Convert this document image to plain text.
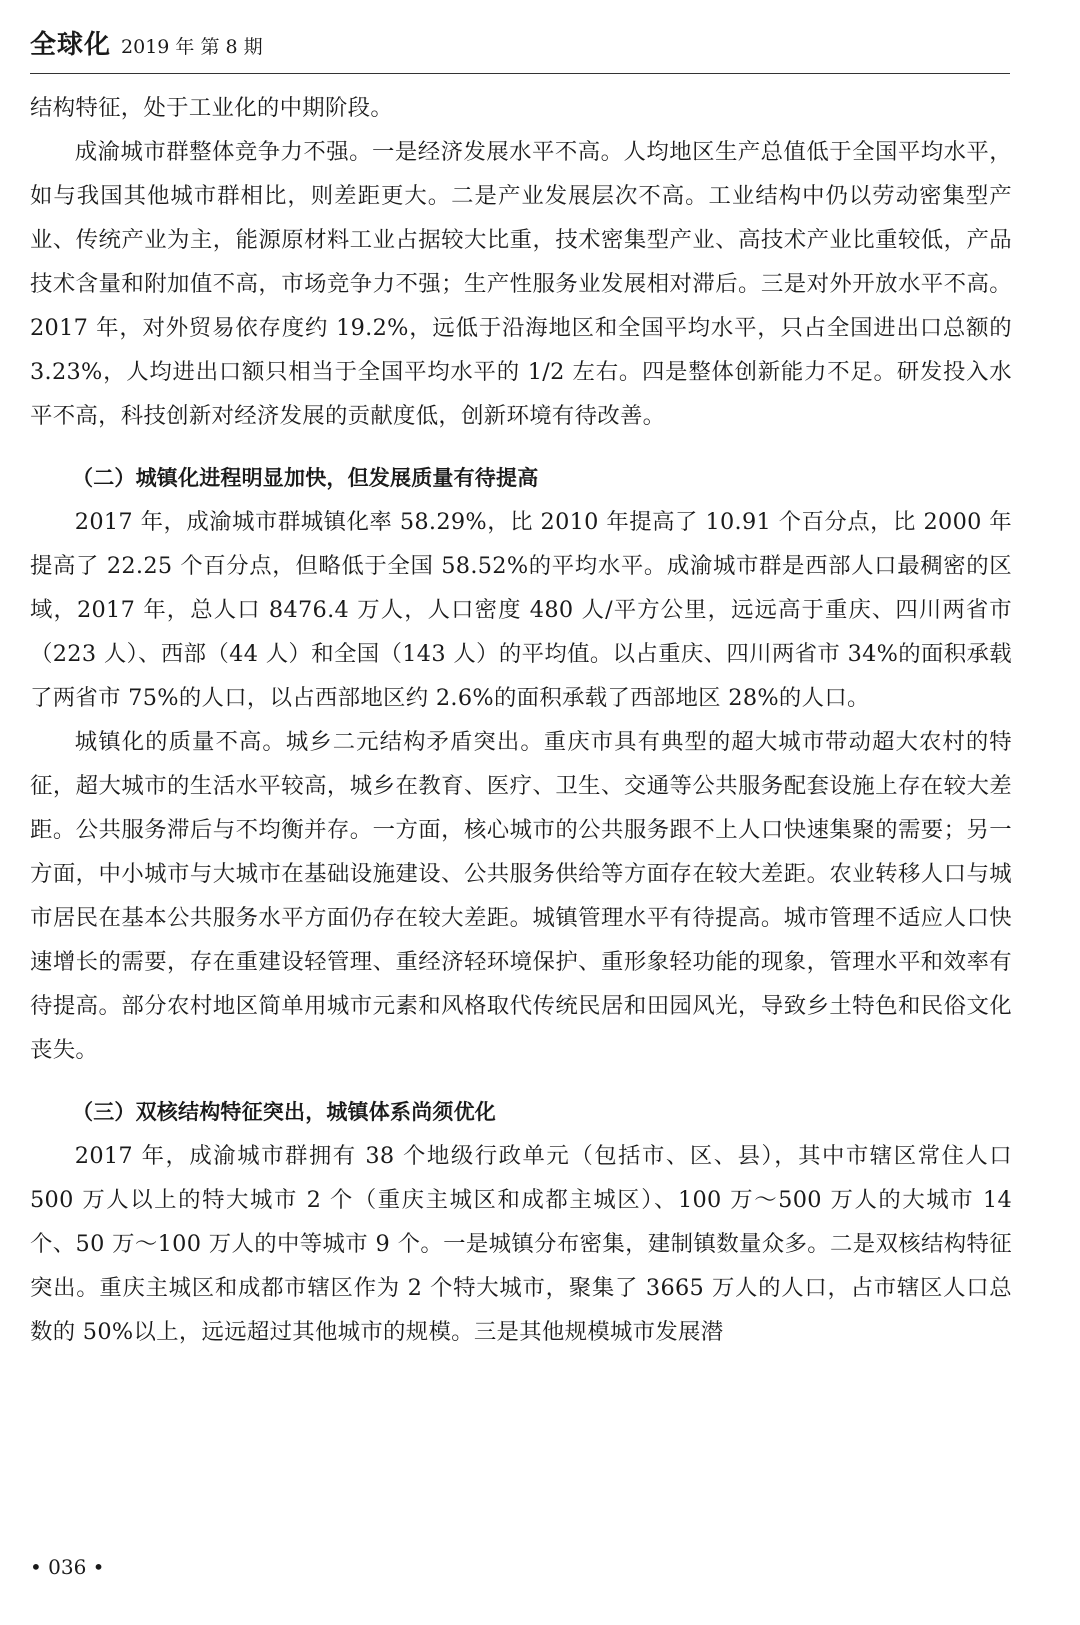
全球化 2019 年 第 8 期

结构特征，处于工业化的中期阶段。

成渝城市群整体竞争力不强。一是经济发展水平不高。人均地区生产总值低于全国平均水平，如与我国其他城市群相比，则差距更大。二是产业发展层次不高。工业结构中仍以劳动密集型产业、传统产业为主，能源原材料工业占据较大比重，技术密集型产业、高技术产业比重较低，产品技术含量和附加值不高，市场竞争力不强；生产性服务业发展相对滞后。三是对外开放水平不高。2017 年，对外贸易依存度约 19.2%，远低于沿海地区和全国平均水平，只占全国进出口总额的 3.23%，人均进出口额只相当于全国平均水平的 1/2 左右。四是整体创新能力不足。研发投入水平不高，科技创新对经济发展的贡献度低，创新环境有待改善。

（二）城镇化进程明显加快，但发展质量有待提高

2017 年，成渝城市群城镇化率 58.29%，比 2010 年提高了 10.91 个百分点，比 2000 年提高了 22.25 个百分点，但略低于全国 58.52%的平均水平。成渝城市群是西部人口最稠密的区域，2017 年，总人口 8476.4 万人，人口密度 480 人/平方公里，远远高于重庆、四川两省市（223 人）、西部（44 人）和全国（143 人）的平均值。以占重庆、四川两省市 34%的面积承载了两省市 75%的人口，以占西部地区约 2.6%的面积承载了西部地区 28%的人口。

城镇化的质量不高。城乡二元结构矛盾突出。重庆市具有典型的超大城市带动超大农村的特征，超大城市的生活水平较高，城乡在教育、医疗、卫生、交通等公共服务配套设施上存在较大差距。公共服务滞后与不均衡并存。一方面，核心城市的公共服务跟不上人口快速集聚的需要；另一方面，中小城市与大城市在基础设施建设、公共服务供给等方面存在较大差距。农业转移人口与城市居民在基本公共服务水平方面仍存在较大差距。城镇管理水平有待提高。城市管理不适应人口快速增长的需要，存在重建设轻管理、重经济轻环境保护、重形象轻功能的现象，管理水平和效率有待提高。部分农村地区简单用城市元素和风格取代传统民居和田园风光，导致乡土特色和民俗文化丧失。

（三）双核结构特征突出，城镇体系尚须优化

2017 年，成渝城市群拥有 38 个地级行政单元（包括市、区、县），其中市辖区常住人口 500 万人以上的特大城市 2 个（重庆主城区和成都主城区）、100 万～500 万人的大城市 14 个、50 万～100 万人的中等城市 9 个。一是城镇分布密集，建制镇数量众多。二是双核结构特征突出。重庆主城区和成都市辖区作为 2 个特大城市，聚集了 3665 万人的人口，占市辖区人口总数的 50%以上，远远超过其他城市的规模。三是其他规模城市发展潜

• 036 •
